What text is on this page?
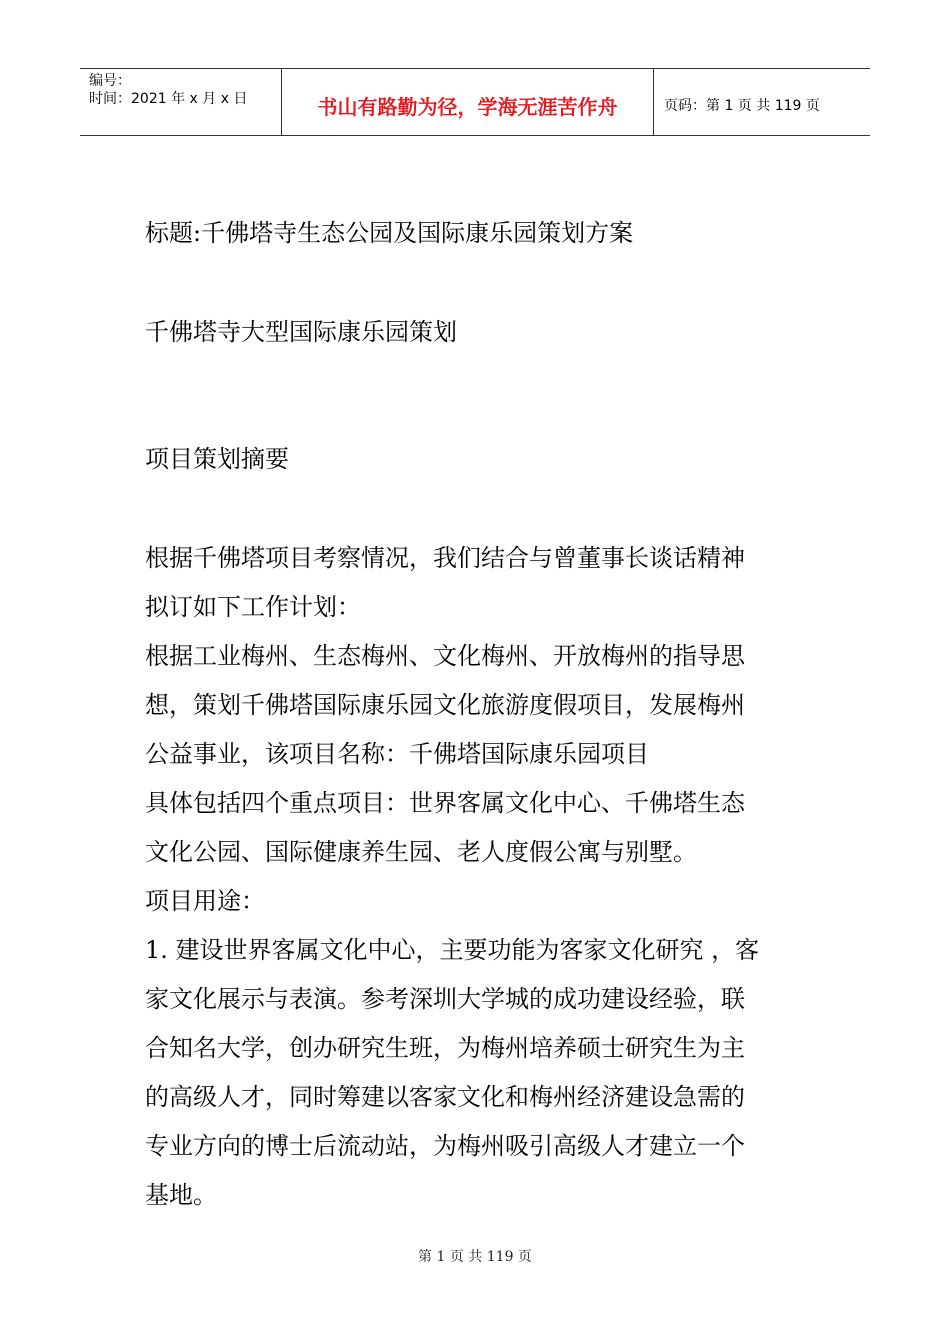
编号：
时间：2021 年 x 月 x 日	书山有路勤为径，学海无涯苦作舟	页码：第 1 页 共 119 页
标题:千佛塔寺生态公园及国际康乐园策划方案
千佛塔寺大型国际康乐园策划
项目策划摘要
根据千佛塔项目考察情况，我们结合与曾董事长谈话精神
拟订如下工作计划：
根据工业梅州、生态梅州、文化梅州、开放梅州的指导思
想，策划千佛塔国际康乐园文化旅游度假项目，发展梅州
公益事业，该项目名称：千佛塔国际康乐园项目
具体包括四个重点项目：世界客属文化中心、千佛塔生态
文化公园、国际健康养生园、老人度假公寓与别墅。
项目用途：
1. 建设世界客属文化中心，主要功能为客家文化研究 ，客
家文化展示与表演。参考深圳大学城的成功建设经验，联
合知名大学，创办研究生班，为梅州培养硕士研究生为主
的高级人才，同时筹建以客家文化和梅州经济建设急需的
专业方向的博士后流动站，为梅州吸引高级人才建立一个
基地。
第 1 页 共 119 页
